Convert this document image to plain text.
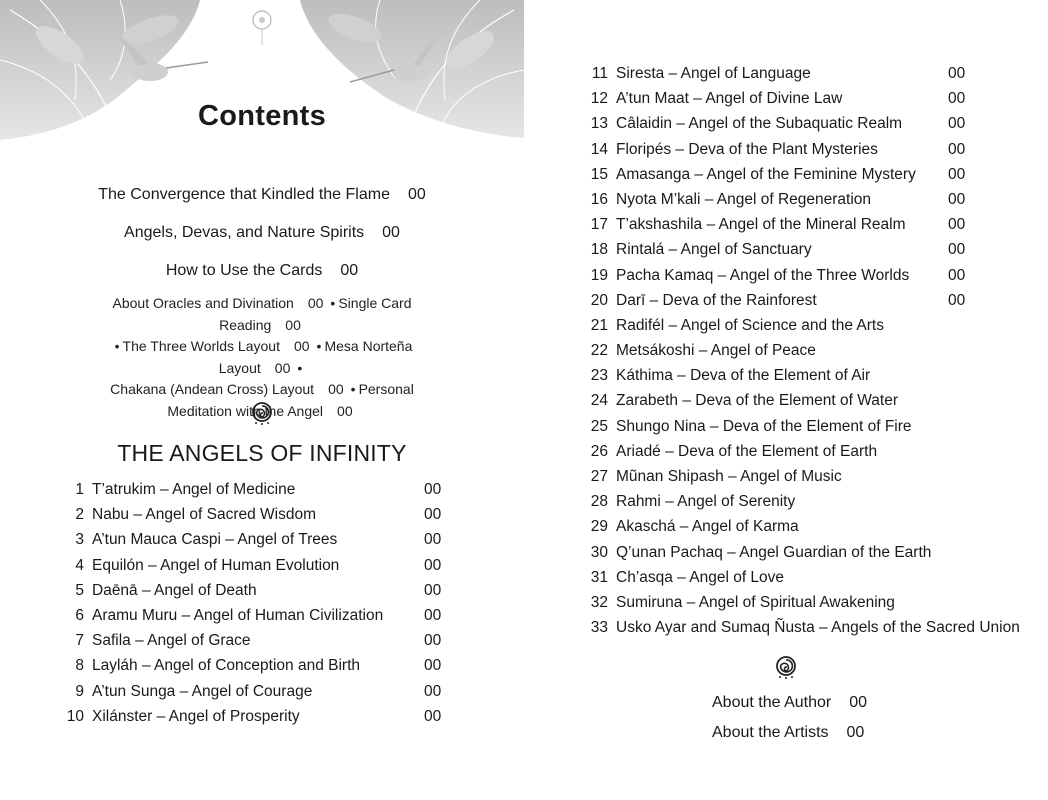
Contents
The Convergence that Kindled the Flame 00
Angels, Devas, and Nature Spirits 00
How to Use the Cards 00
About Oracles and Divination 00 • Single Card Reading 00
• The Three Worlds Layout 00 • Mesa Norteña Layout 00 •
Chakana (Andean Cross) Layout 00 • Personal Meditation with the Angel 00
THE ANGELS OF INFINITY
1 T’atrukim – Angel of Medicine	00
2 Nabu – Angel of Sacred Wisdom	00
3 A’tun Mauca Caspi – Angel of Trees	00
4 Equilón – Angel of Human Evolution	00
5 Daēnā – Angel of Death	00
6 Aramu Muru – Angel of Human Civilization	00
7 Safila – Angel of Grace	00
8 Layláh – Angel of Conception and Birth	00
9 A’tun Sunga – Angel of Courage	00
10 Xilánster – Angel of Prosperity	00
11 Siresta – Angel of Language	00
12 A’tun Maat – Angel of Divine Law	00
13 Câlaidin – Angel of the Subaquatic Realm	00
14 Floripés – Deva of the Plant Mysteries	00
15 Amasanga – Angel of the Feminine Mystery 00
16 Nyota M’kali – Angel of Regeneration	00
17 T’akshashila – Angel of the Mineral Realm	00
18 Rintalá – Angel of Sanctuary	00
19 Pacha Kamaq – Angel of the Three Worlds	00
20 Darī – Deva of the Rainforest	00
21 Radifél – Angel of Science and the Arts
22 Metsákoshi – Angel of Peace
23 Káthima – Deva of the Element of Air
24 Zarabeth – Deva of the Element of Water
25 Shungo Nina – Deva of the Element of Fire
26 Ariadé – Deva of the Element of Earth
27 Mũnan Shipash – Angel of Music
28 Rahmi – Angel of Serenity
29 Akaschá – Angel of Karma
30 Q’unan Pachaq – Angel Guardian of the Earth
31 Ch’asqa – Angel of Love
32 Sumiruna – Angel of Spiritual Awakening
33 Usko Ayar and Sumaq Ñusta – Angels of the Sacred Union
About the Author 00
About the Artists 00
